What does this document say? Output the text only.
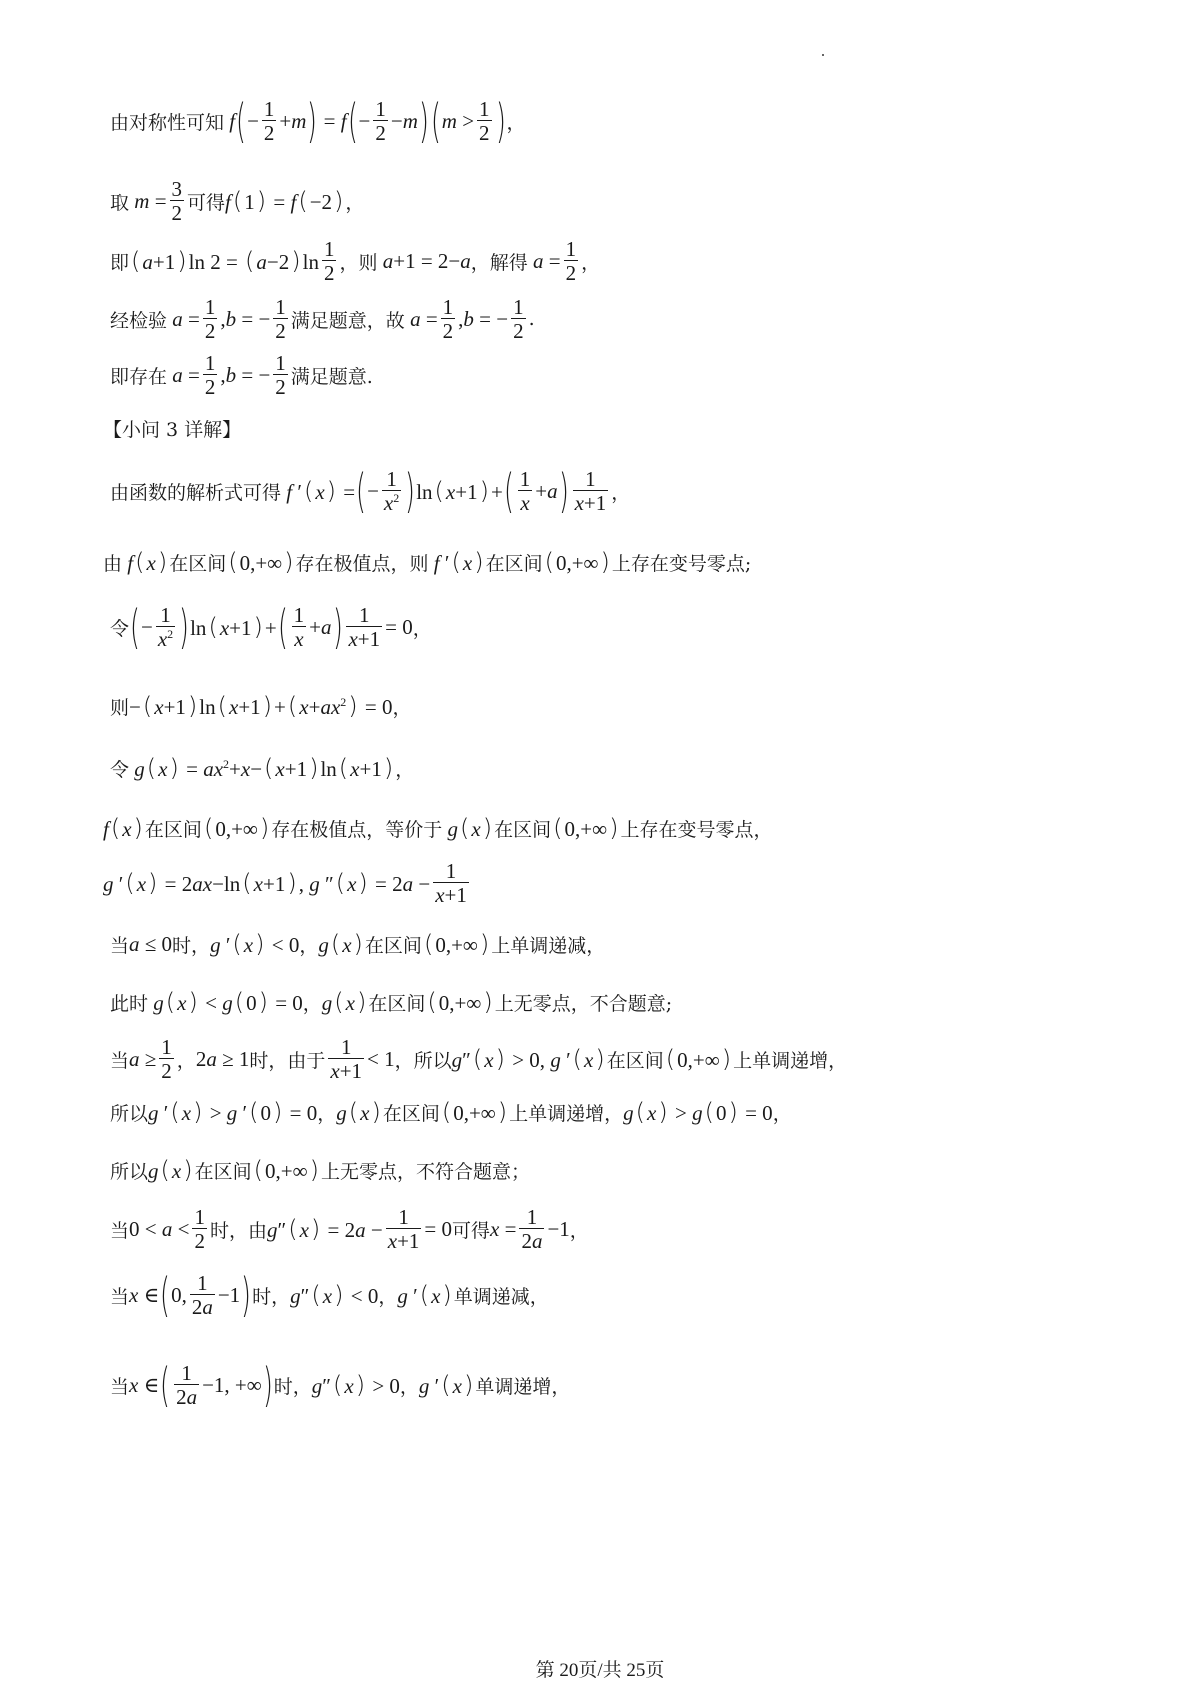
由对称性可知 f ( − $\frac{1}{2} +m$ ) = f ( − $\frac{1}{2} -m$ ) ( $m > \frac{1}{2}$ ) ，
取 $m = \frac{3}{2}$ 可得 f(1) = f(−2) ，
即 (a+1)ln $2 = (a-2)\ln \frac{1}{2}$ ，则 a+1 = 2−a ，解得 $a = \frac{1}{2}$ ，
经检验 $a = \frac{1}{2} ,b$ = − $\frac{1}{2}$ 满足题意，故 $a = \frac{1}{2} ,b$ = − $\frac{1}{2}$ .
即存在 $a = \frac{1}{2} ,b$ = − $\frac{1}{2}$ 满足题意.
【小问 3 详解】
由函数的解析式可得 f ′(x) = ( − $\frac{1}{x^2}$ ) ln(x+1)+ ( $\frac{1}{x} +a$ ) $\frac{1}{x+1}$ ，
由 f(x) 在区间 (0,+∞) 存在极值点，则 f ′(x) 在区间 (0,+∞) 上存在变号零点;
令 ( − $\frac{1}{x^2}$ ) ln(x+1)+ ( $\frac{1}{x} +a$ ) $\frac{1}{x+1} = 0$ ，
则 $-(x+1)\ln(x+1)+(x+ax^2) = 0$ ，
令 $g(x) = ax^2+x-(x+1)\ln(x+1)$ ，
f(x) 在区间 (0,+∞) 存在极值点，等价于 g(x) 在区间 (0,+∞) 上存在变号零点，
g ′(x) = 2ax−ln(x+1), g $''(x) = 2a - \frac{1}{x+1}$
当 a ≤ 0 时， g ′(x) < 0 ， g(x) 在区间 (0,+∞) 上单调递减，
此时 g(x) < g(0) = 0 ， g(x) 在区间 (0,+∞) 上无零点，不合题意;
当 $a \ge \frac{1}{2}$ ， 2a ≥ 1 时，由于 $\frac{1}{x+1} < 1$ ，所以 g″(x) > 0, g ′(x) 在区间 (0,+∞) 上单调递增，
所以 g ′(x) > g ′(0) = 0 ， g(x) 在区间 (0,+∞) 上单调递增， g(x) > g(0) = 0 ，
所以 g(x) 在区间 (0,+∞) 上无零点，不符合题意；
当 $0 < a < \frac{1}{2}$ 时，由 $g''(x) = 2a - \frac{1}{x+1} = 0$ 可得 $x = \frac{1}{2a} -1$ ，
当 x ∈ ( 0, $\frac{1}{2a} -1$ ) 时， g″(x) < 0 ， g ′(x) 单调递减，
当 x ∈ ( $\frac{1}{2a} -1$, +∞ ) 时， g″(x) > 0 ， g ′(x) 单调递增，
第 20页/共 25页
